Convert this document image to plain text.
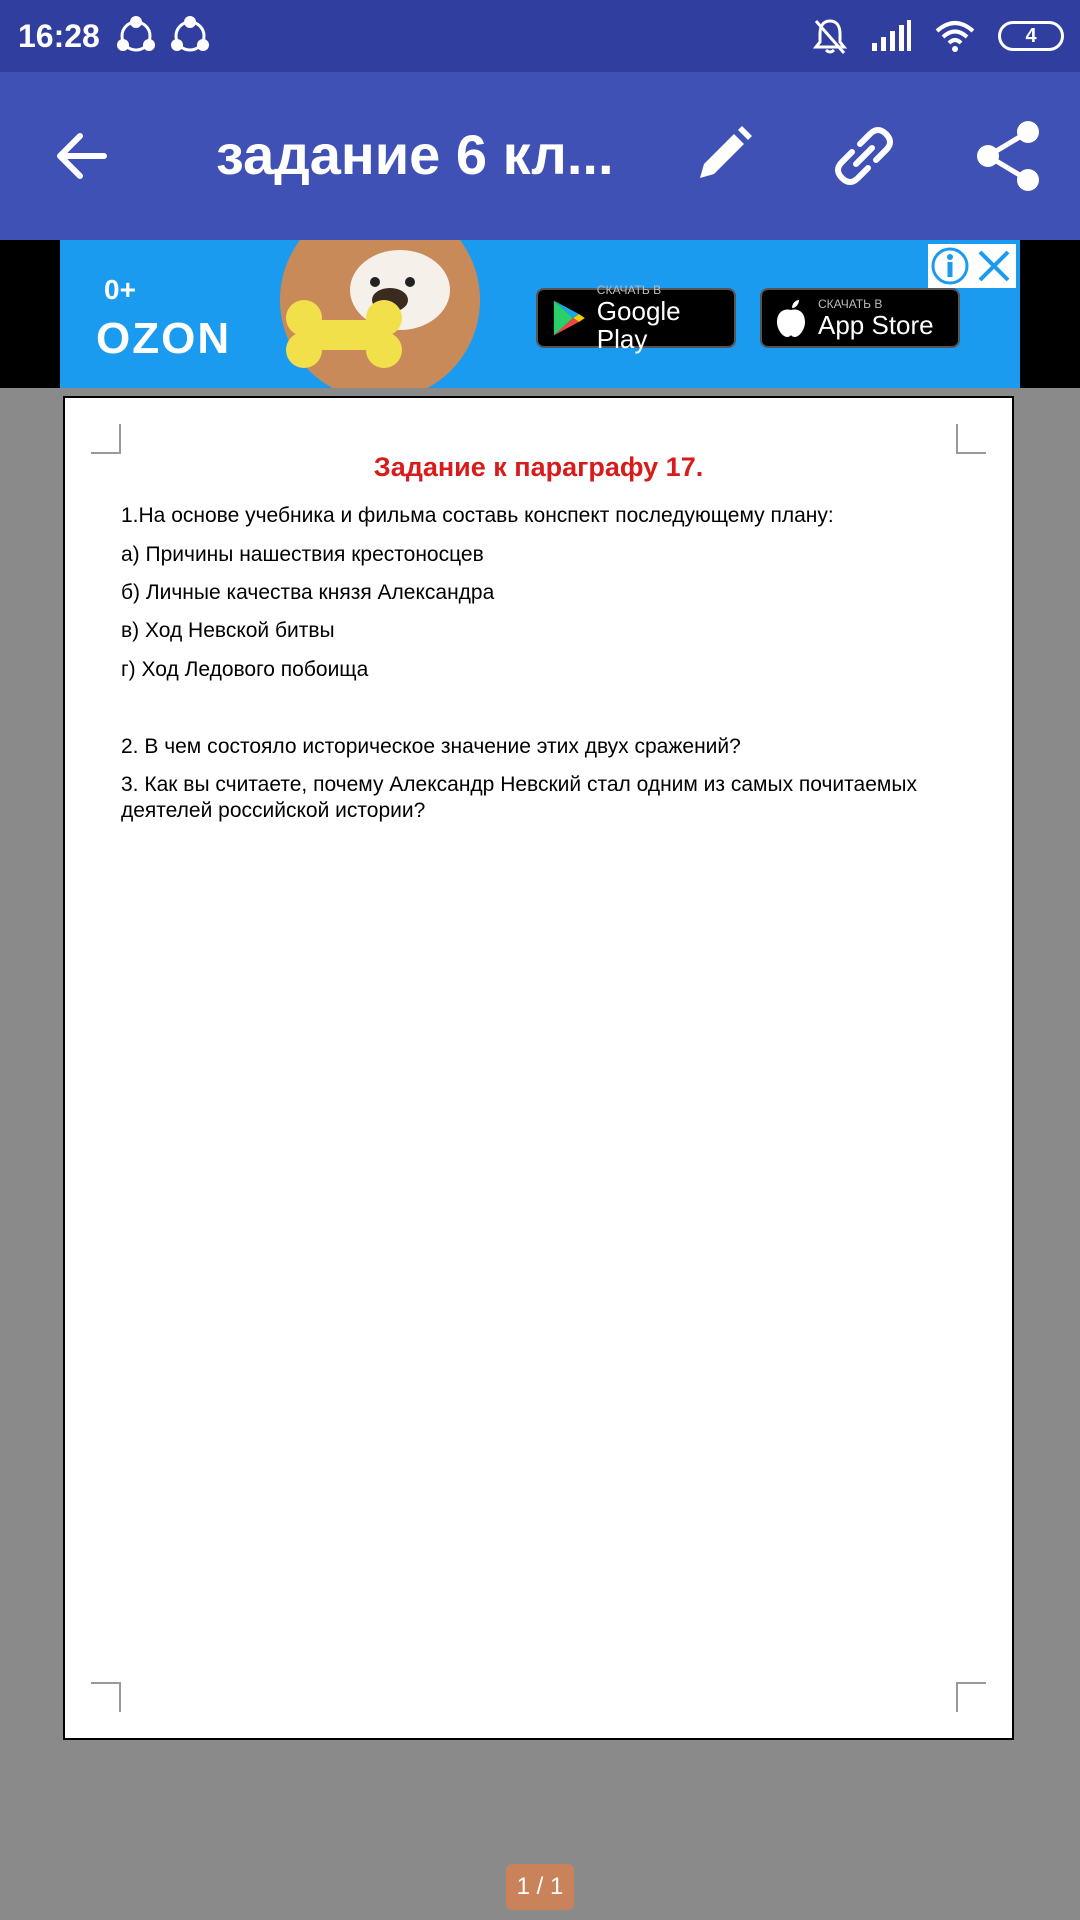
16:28	4
задание 6 кл...
0+
OZON
СКАЧАТЬ В
Google Play
СКАЧАТЬ В
App Store
Задание к параграфу 17.
1.На основе учебника и фильма составь конспект последующему плану:
а) Причины нашествия крестоносцев
б) Личные качества князя Александра
в) Ход Невской битвы
г) Ход Ледового побоища
2. В чем состояло историческое значение этих двух сражений?
3. Как вы считаете, почему Александр Невский стал одним из самых почитаемых деятелей российской истории?
1 / 1
